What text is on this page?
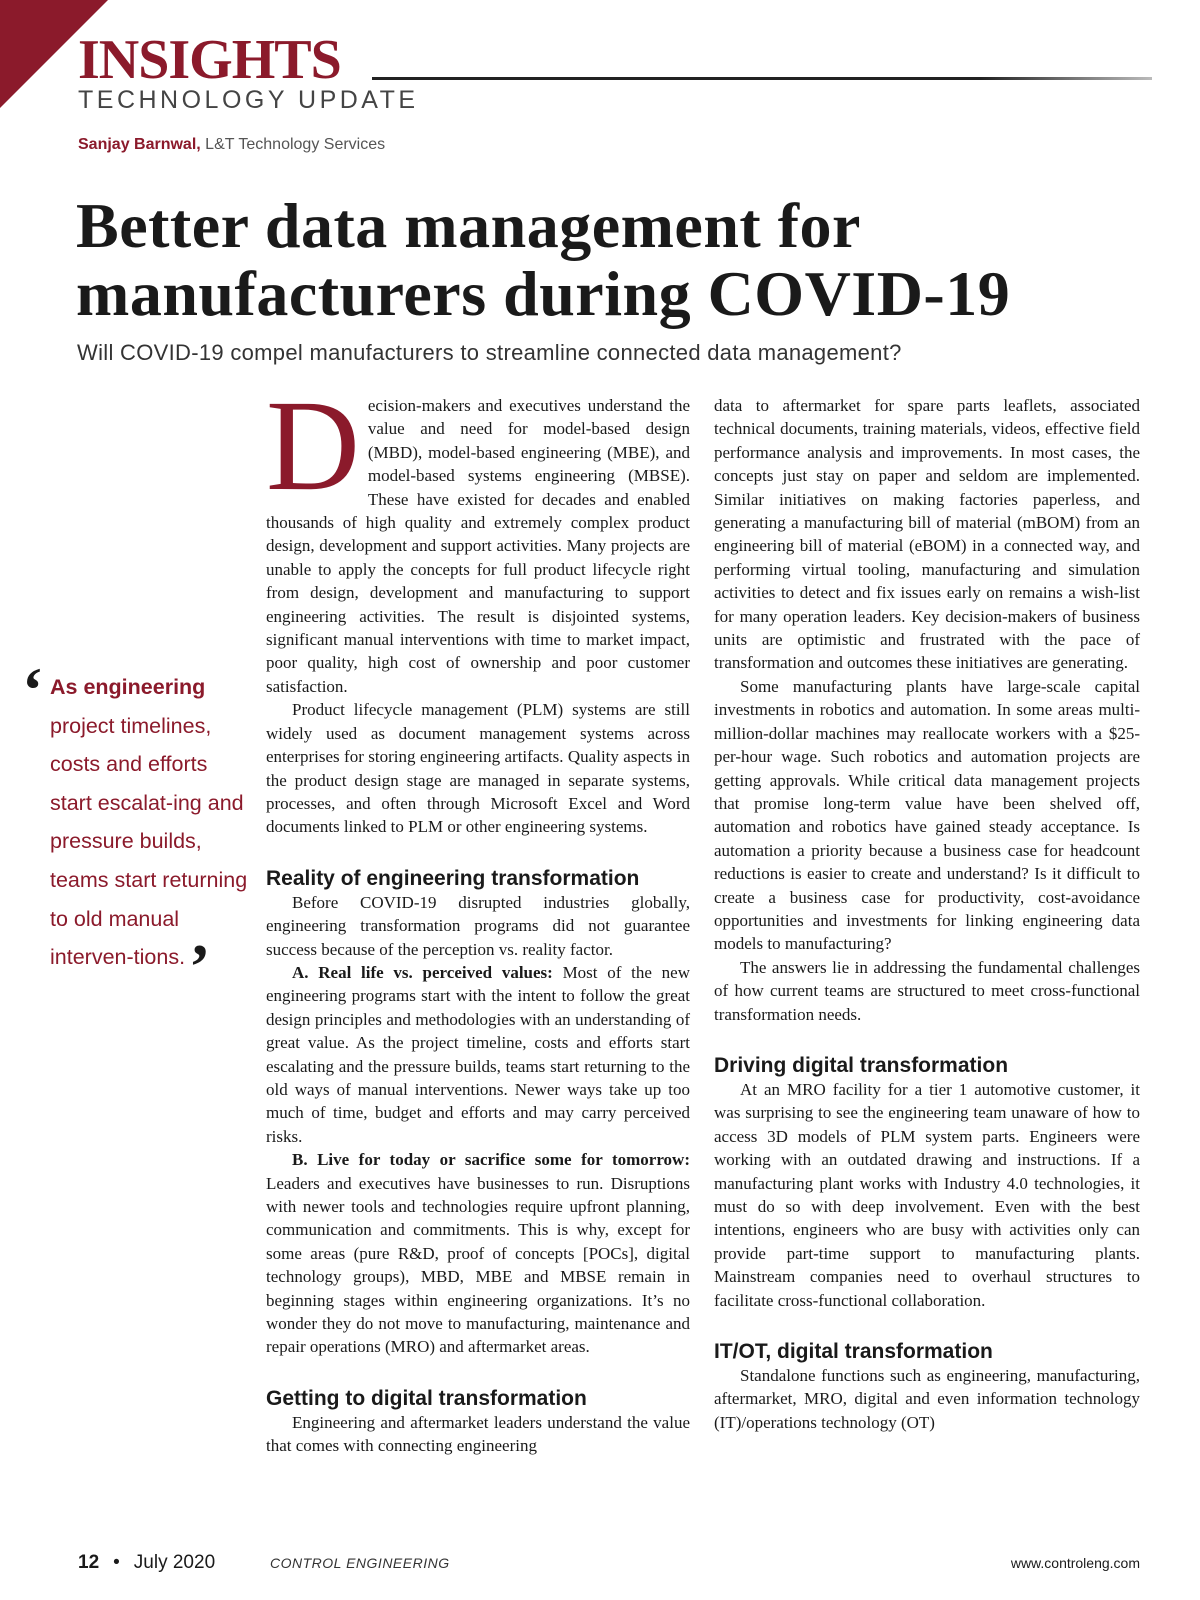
INSIGHTS
TECHNOLOGY UPDATE
Sanjay Barnwal, L&T Technology Services
Better data management for
manufacturers during COVID-19
Will COVID-19 compel manufacturers to streamline connected data management?
‘ As engineering project timelines, costs and efforts start escalat-ing and pressure builds, teams start returning to old manual interven-tions.’

Decision-makers and executives understand the value and need for model-based design (MBD), model-based engineering (MBE), and model-based systems engineering (MBSE). These have existed for decades and enabled thousands of high quality and extremely complex product design, development and support activities. Many projects are unable to apply the concepts for full product lifecycle right from design, development and manufacturing to support engineering activities. The result is disjointed systems, significant manual interventions with time to market impact, poor quality, high cost of ownership and poor customer satisfaction.

Product lifecycle management (PLM) systems are still widely used as document management systems across enterprises for storing engineering artifacts. Quality aspects in the product design stage are managed in separate systems, processes, and often through Microsoft Excel and Word documents linked to PLM or other engineering systems.

Reality of engineering transformation

Before COVID-19 disrupted industries globally, engineering transformation programs did not guarantee success because of the perception vs. reality factor.

A. Real life vs. perceived values: Most of the new engineering programs start with the intent to follow the great design principles and methodologies with an understanding of great value. As the project timeline, costs and efforts start escalating and the pressure builds, teams start returning to the old ways of manual interventions. Newer ways take up too much of time, budget and efforts and may carry perceived risks.

B. Live for today or sacrifice some for tomorrow: Leaders and executives have businesses to run. Disruptions with newer tools and technologies require upfront planning, communication and commitments. This is why, except for some areas (pure R&D, proof of concepts [POCs], digital technology groups), MBD, MBE and MBSE remain in beginning stages within engineering organizations. It’s no wonder they do not move to manufacturing, maintenance and repair operations (MRO) and aftermarket areas.

Getting to digital transformation

Engineering and aftermarket leaders understand the value that comes with connecting engineering

data to aftermarket for spare parts leaflets, associated technical documents, training materials, videos, effective field performance analysis and improvements. In most cases, the concepts just stay on paper and seldom are implemented. Similar initiatives on making factories paperless, and generating a manufacturing bill of material (mBOM) from an engineering bill of material (eBOM) in a connected way, and performing virtual tooling, manufacturing and simulation activities to detect and fix issues early on remains a wish-list for many operation leaders. Key decision-makers of business units are optimistic and frustrated with the pace of transformation and outcomes these initiatives are generating.

Some manufacturing plants have large-scale capital investments in robotics and automation. In some areas multi-million-dollar machines may reallocate workers with a $25-per-hour wage. Such robotics and automation projects are getting approvals. While critical data management projects that promise long-term value have been shelved off, automation and robotics have gained steady acceptance. Is automation a priority because a business case for headcount reductions is easier to create and understand? Is it difficult to create a business case for productivity, cost-avoidance opportunities and investments for linking engineering data models to manufacturing?

The answers lie in addressing the fundamental challenges of how current teams are structured to meet cross-functional transformation needs.

Driving digital transformation

At an MRO facility for a tier 1 automotive customer, it was surprising to see the engineering team unaware of how to access 3D models of PLM system parts. Engineers were working with an outdated drawing and instructions. If a manufacturing plant works with Industry 4.0 technologies, it must do so with deep involvement. Even with the best intentions, engineers who are busy with activities only can provide part-time support to manufacturing plants. Mainstream companies need to overhaul structures to facilitate cross-functional collaboration.

IT/OT, digital transformation

Standalone functions such as engineering, manufacturing, aftermarket, MRO, digital and even information technology (IT)/operations technology (OT)

12 • July 2020	CONTROL ENGINEERING	www.controleng.com
